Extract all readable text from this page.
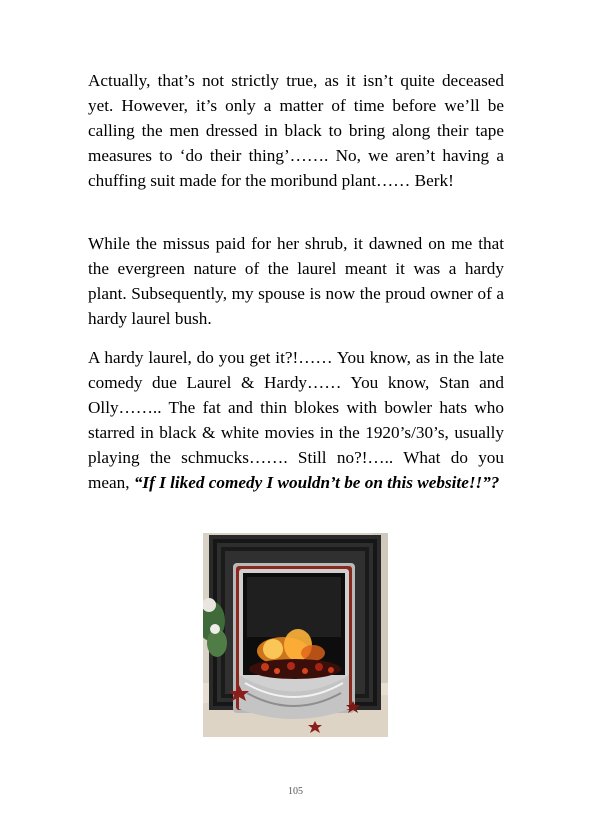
Actually, that’s not strictly true, as it isn’t quite deceased yet. However, it’s only a matter of time before we’ll be calling the men dressed in black to bring along their tape measures to ‘do their thing’……. No, we aren’t having a chuffing suit made for the moribund plant…… Berk!

While the missus paid for her shrub, it dawned on me that the evergreen nature of the laurel meant it was a hardy plant. Subsequently, my spouse is now the proud owner of a hardy laurel bush.

A hardy laurel, do you get it?!…… You know, as in the late comedy due Laurel & Hardy…… You know, Stan and Olly…….. The fat and thin blokes with bowler hats who starred in black & white movies in the 1920’s/30’s, usually playing the schmucks……. Still no?!….. What do you mean, “If I liked comedy I wouldn’t be on this website!!”?

105
